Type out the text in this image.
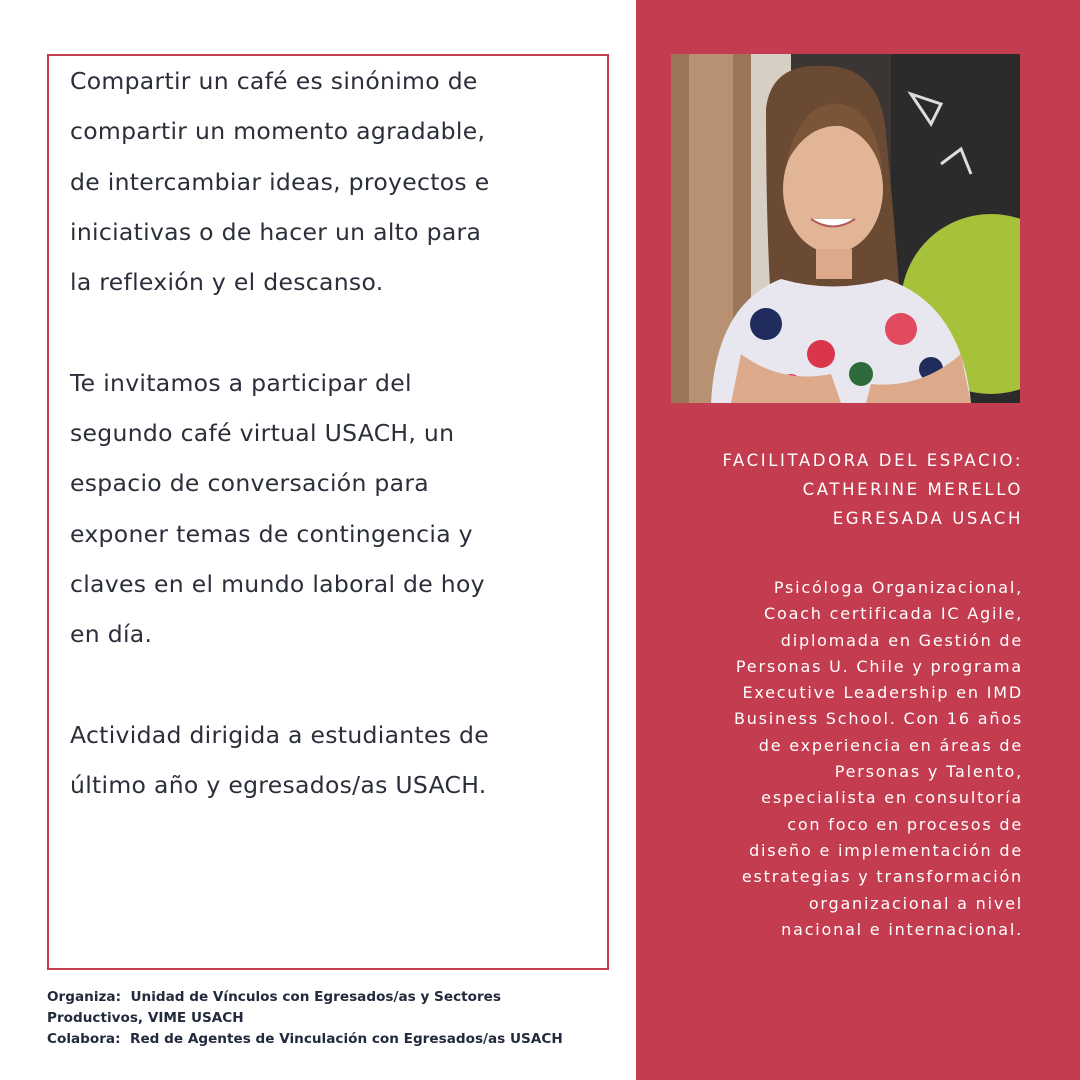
Compartir un café es sinónimo de
compartir un momento agradable,
de intercambiar ideas, proyectos e
iniciativas o de hacer un alto para
la reflexión y el descanso.

Te invitamos a participar del
segundo café virtual USACH, un
espacio de conversación para
exponer temas de contingencia y
claves en el mundo laboral de hoy
en día.

Actividad dirigida a estudiantes de
último año y egresados/as USACH.

Organiza:  Unidad de Vínculos con Egresados/as y Sectores
Productivos, VIME USACH
Colabora:  Red de Agentes de Vinculación con Egresados/as USACH
FACILITADORA DEL ESPACIO:
CATHERINE MERELLO
EGRESADA USACH
Psicóloga Organizacional,
Coach certificada IC Agile,
diplomada en Gestión de
Personas U. Chile y programa
Executive Leadership en IMD
Business School. Con 16 años
de experiencia en áreas de
Personas y Talento,
especialista en consultoría
con foco en procesos de
diseño e implementación de
estrategias y transformación
organizacional a nivel
nacional e internacional.
